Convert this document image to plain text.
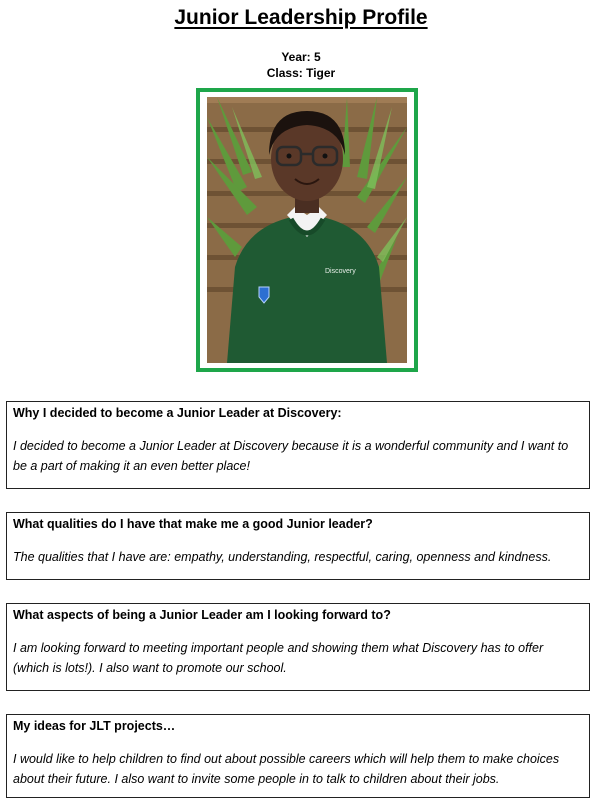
Junior Leadership Profile
Year: 5
Class: Tiger
Discovery
Why I decided to become a Junior Leader at Discovery:

I decided to become a Junior Leader at Discovery because it is a wonderful community and I want to be a part of making it an even better place!

What qualities do I have that make me a good Junior leader?

The qualities that I have are: empathy, understanding, respectful, caring, openness and kindness.

What aspects of being a Junior Leader am I looking forward to?

I am looking forward to meeting important people and showing them what Discovery has to offer (which is lots!). I also want to promote our school.

My ideas for JLT projects…

I would like to help children to find out about possible careers which will help them to make choices about their future. I also want to invite some people in to talk to children about their jobs.
